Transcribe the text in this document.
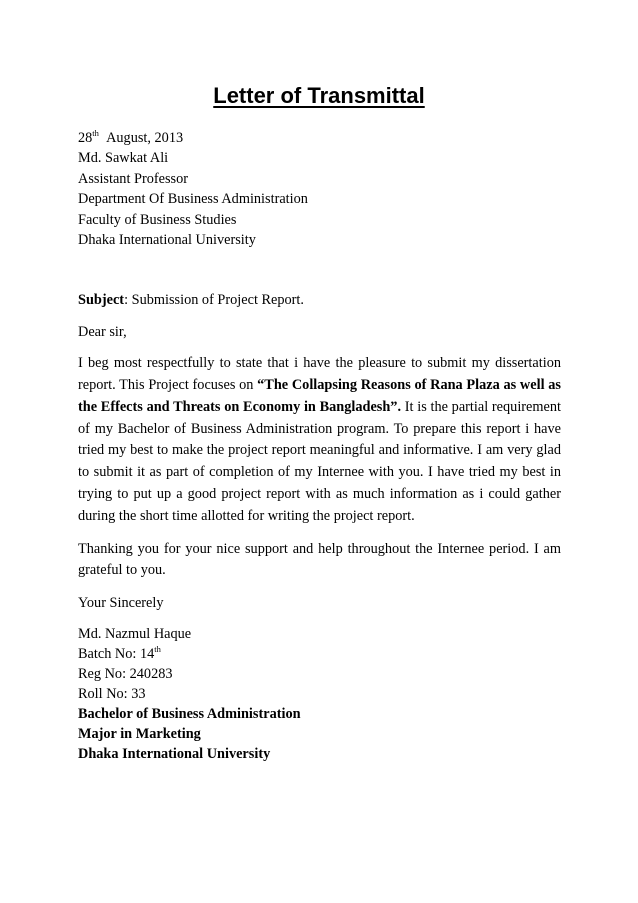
Letter of Transmittal
28th August, 2013
Md. Sawkat Ali
Assistant Professor
Department Of Business Administration
Faculty of Business Studies
Dhaka International University
Subject: Submission of Project Report.
Dear sir,
I beg most respectfully to state that i have the pleasure to submit my dissertation report. This Project focuses on “The Collapsing Reasons of Rana Plaza as well as the Effects and Threats on Economy in Bangladesh”. It is the partial requirement of my Bachelor of Business Administration program. To prepare this report i have tried my best to make the project report meaningful and informative. I am very glad to submit it as part of completion of my Internee with you. I have tried my best in trying to put up a good project report with as much information as i could gather during the short time allotted for writing the project report.
Thanking you for your nice support and help throughout the Internee period. I am grateful to you.
Your Sincerely
Md. Nazmul Haque
Batch No: 14th
Reg No: 240283
Roll No: 33
Bachelor of Business Administration
Major in Marketing
Dhaka International University
